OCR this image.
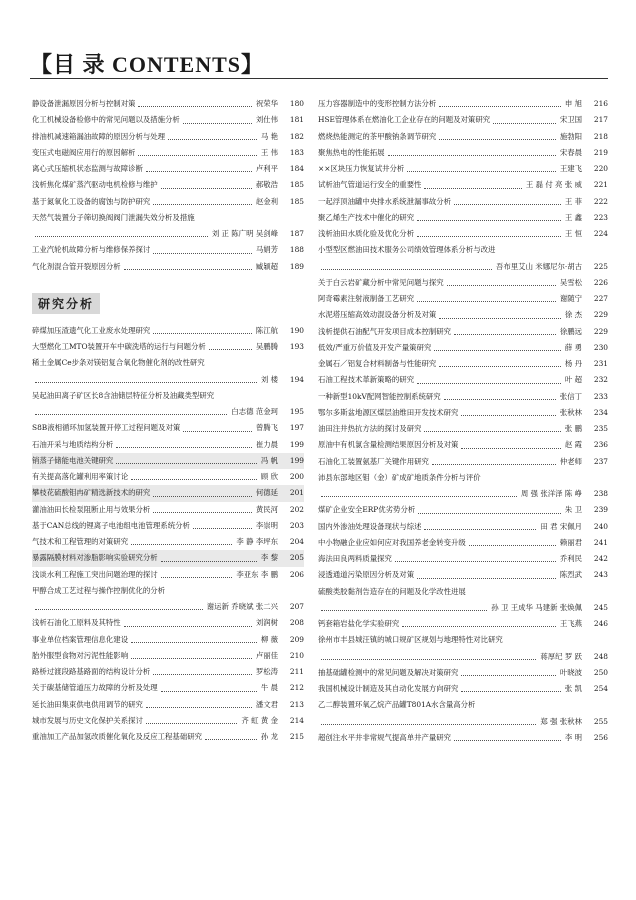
【目 录 CONTENTS】
静设备泄漏原因分析与控制对策	祝荣华	180
化工机械设备检修中的常见问题以及措施分析	刘仕伟	181
排油机减速箱漏油故障的原因分析与处理	马 艳	182
变压式电磁阀应用行的原因解析	王 伟	183
离心式压缩机状态监测与故障诊断	卢利平	184
浅析焦化煤矿蒸汽驱动电机检修与维护	郝敬浩	185
基于氮氧化工设备的腐蚀与防护研究	赵金利	185
天然气装置分子筛切换阀阀门泄漏失效分析及措施
刘 正 陈广明 吴剑峰	187
工业汽轮机故障分析与维修保养探讨	马娟芳	188
气化剂混合管开裂原因分析	臧颖超	189
研究分析
碎煤加压渣遗气化工业废水处理研究	陈江航	190
大型燃化工MTO装置开车中碳洗塔的运行与问题分析	吴鹏腾	193
稀土金属Ce步条对镁铝复合氧化物催化剂的改性研究
刘 楼	194
吴起油田离子矿区长8含油储层特征分析及油藏类型研究
白志德 范金珂	195
S8B液相循环加氢装置开停工过程问题及对策	曾腾飞	197
石油开采与地质结构分析	崔力晨	199
销蒸子储能电池关键研究	冯 帆	199
有关提高落化罐利用率策讨论	顾 欣	200
攀枝花硫酸钼冉矿精选新技术的研究	何德延	201
灌油油田长检泵阻断止用与效果分析	黄民河	202
基于CAN总线的锂离子电池组电池管理系统分析	李崇明	203
气技术和工程管理的对策研究	李 静 李坪东	204
暴露隔膜材料对渗脂影响实验研究分析	李 黎	205
浅谈水利工程施工突出问题治理的探讨	李亚东 李 鹏	206
甲醇合成工艺过程与操作控制优化的分析
谢运新 乔晓斌 张二兴	207
浅析石油化工原料及其特性	刘润树	208
事业单位档案管理信息化建设	柳 薇	209
胎外服型食物对污泥性能影响	卢丽佳	210
路桥过渡段路基路面的结构设计分析	罗松涛	211
关于碳基储管道压力故障的分析及处理	牛 晨	212
延长油田集束供电供用调节的研究	潘文君	213
城市发展与历史文化保护关系探讨	齐 虹 黄 金	214
重油加工产品加氢改质催化氧化及反应工程基础研究	孙 龙	215
压力容器制造中的变形控制方法分析	申 旭	216
HSE管理体系在燃油化工企业存在的问题及对策研究	宋卫国	217
燃烧热能测定的茶甲酸钠条调节研究	施勃阳	218
聚焦热电的性能拓展	宋春晨	219
××区块压力恢复试井分析	王建飞	220
试析油气管道运行安全的重要性	王 磊 付 亮 张 威	221
一起浮顶油罐中央排水系统泄漏事故分析	王 菲	222
聚乙烯生产技术中催化的研究	王 鑫	223
浅析油田水质化验及优化分析	王 恒	224
小型型区燃油田技术服务公司绩效管理体系分析与改进
吾布里艾山 米娜尼尔·胡古	225
关于白云岩矿藏分析中常见问题与探究	吴雪松	226
阿奇霉素注射液制备工艺研究	谢随宁	227
水泥塔压缩高效动混设备分析及对策	徐 杰	229
浅析提供石油配气开发项目成本控制研究	徐鹏远	229
低效/严重万价值及开发产量策研究	薛 勇	230
金属石／铝复合材料制备与性能研究	杨 丹	231
石油工程技术革新策略的研究	叶 超	232
一种新型10kV配网智能控制系统研究	张信丁	233
鄂尔多斯盆地源区煤层油维田开发技术研究	张秋林	234
油田注井热抗方法的探讨及研究	张 鹏	235
原油中有机氯含量检测结果原因分析及对策	赵 霞	236
石油化工装置氨基厂关键作用研究	仲老师	237
沛县东部地区钼（金）矿成矿地质条件分析与评价
周 强 张洋泽 陈 峥	238
煤矿企业安全ERP优劣势分析	朱 卫	239
国内外渗油处理设备现状与综述	田 君 宋佩月	240
中小物融企业应如何应对我国养老金转变升级	赖丽君	241
海法田良两料质量探究	乔利民	242
浸透通道污染原因分析及对策	陈烈武	243
硫酸类胶黏剂告造存在的问题及化学改性进展
孙 卫 王成华 马建新 张焕佩	245
钙套箱岩盐化学实验研究	王飞燕	246
徐州市丰县城汪镇的城口规矿区规划与地理特性对比研究
蒋厚纪 罗 跃	248
抽基础罐检测中的常见问题及解决对策研究	叶晓波	250
我国机械设计制造及其自动化发展方向研究	张 凯	254
乙二醇装置环氧乙烷产品罐T801A水含量高分析
郑 强 张秋林	255
超创注水平井非常规气提高单井产量研究	李 明	256
